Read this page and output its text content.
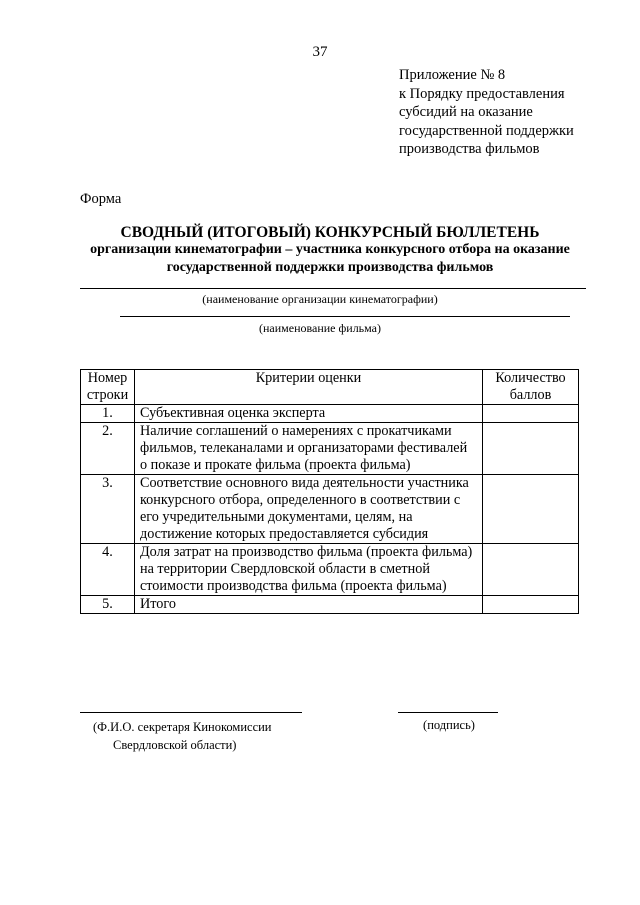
37
Приложение № 8
к Порядку предоставления
субсидий на оказание
государственной поддержки
производства фильмов
Форма
СВОДНЫЙ (ИТОГОВЫЙ) КОНКУРСНЫЙ БЮЛЛЕТЕНЬ
организации кинематографии – участника конкурсного отбора на оказание
государственной поддержки производства фильмов
(наименование организации кинематографии)
(наименование фильма)
Номер строки	Критерии оценки	Количество баллов
1.	Субъективная оценка эксперта	
2.	Наличие соглашений о намерениях с прокатчиками фильмов, телеканалами и организаторами фестивалей о показе и прокате фильма (проекта фильма)	
3.	Соответствие основного вида деятельности участника конкурсного отбора, определенного в соответствии с его учредительными документами, целям, на достижение которых предоставляется субсидия	
4.	Доля затрат на производство фильма (проекта фильма) на территории Свердловской области в сметной стоимости производства фильма (проекта фильма)	
5.	Итого	
(Ф.И.О. секретаря Кинокомиссии
Свердловской области)
(подпись)
